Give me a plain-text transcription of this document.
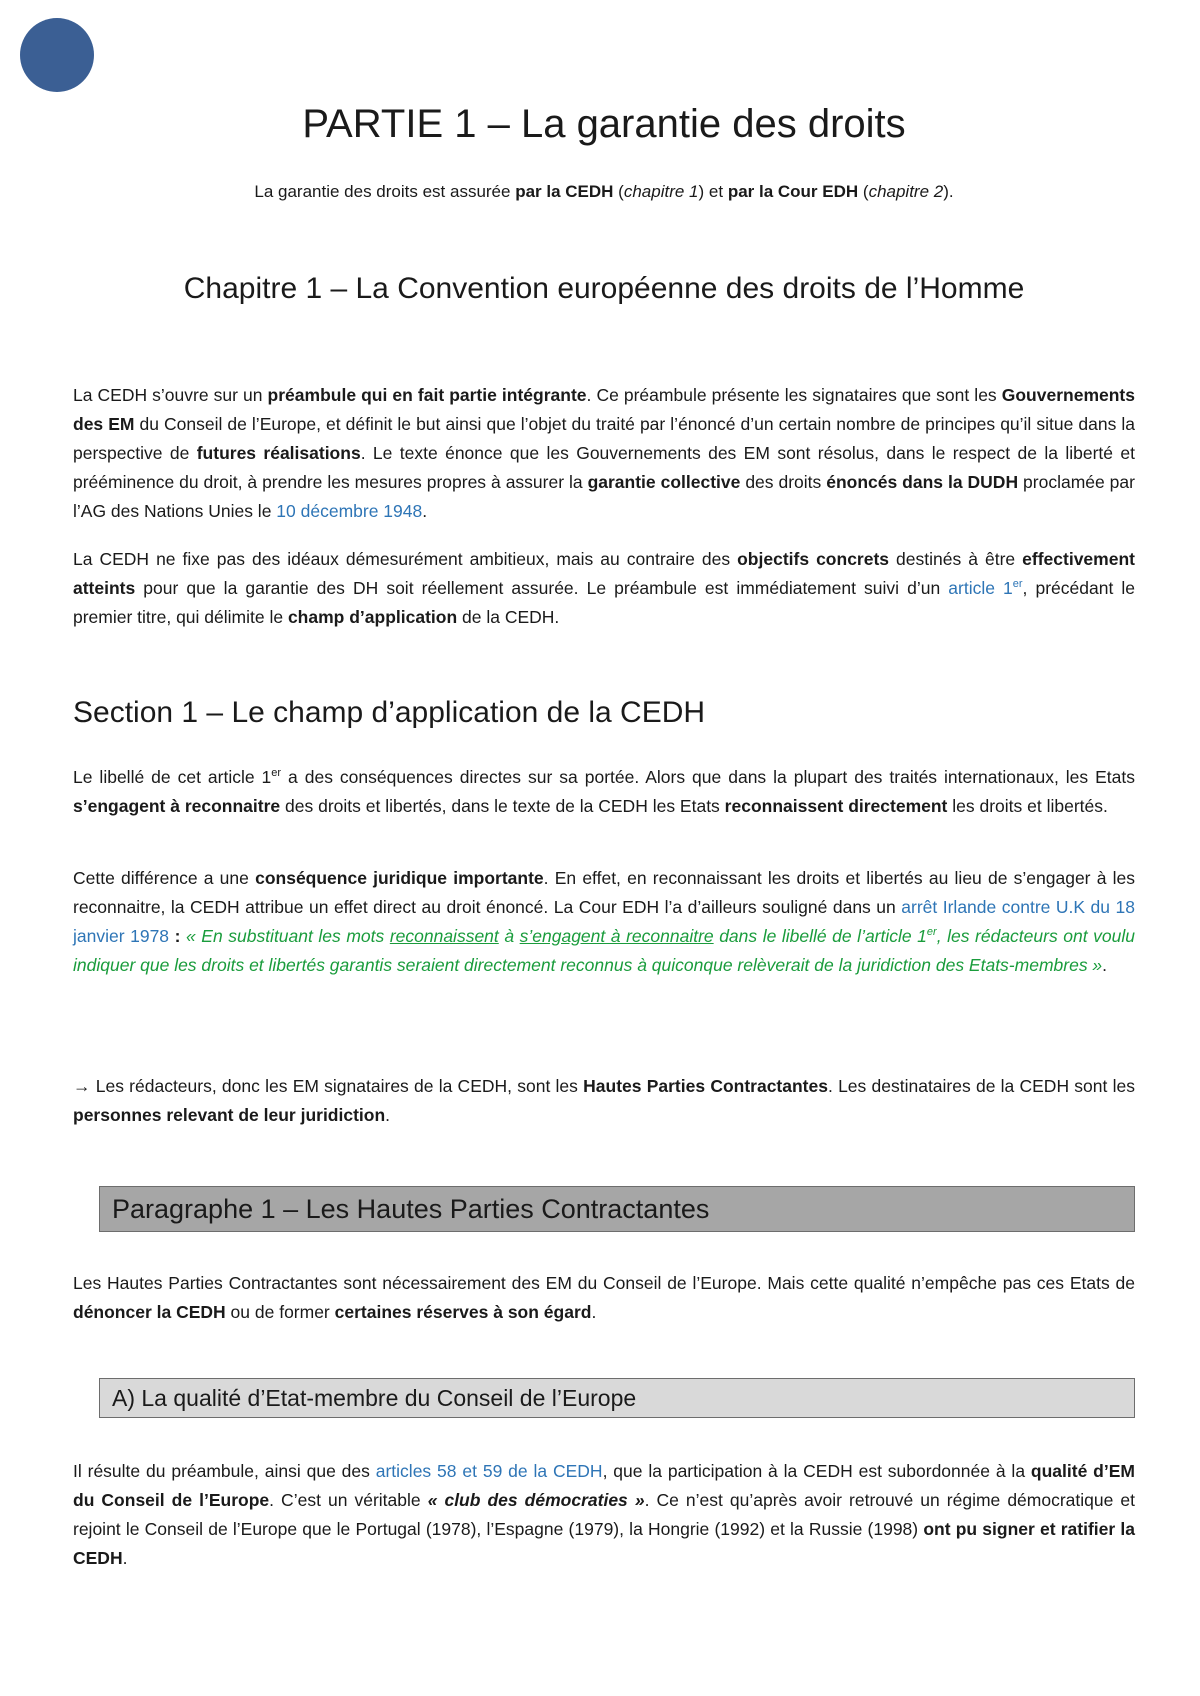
PARTIE 1 – La garantie des droits

La garantie des droits est assurée par la CEDH (chapitre 1) et par la Cour EDH (chapitre 2).

Chapitre 1 – La Convention européenne des droits de l’Homme

La CEDH s’ouvre sur un préambule qui en fait partie intégrante. Ce préambule présente les signataires que sont les Gouvernements des EM du Conseil de l’Europe, et définit le but ainsi que l’objet du traité par l’énoncé d’un certain nombre de principes qu’il situe dans la perspective de futures réalisations. Le texte énonce que les Gouvernements des EM sont résolus, dans le respect de la liberté et prééminence du droit, à prendre les mesures propres à assurer la garantie collective des droits énoncés dans la DUDH proclamée par l’AG des Nations Unies le 10 décembre 1948.

La CEDH ne fixe pas des idéaux démesurément ambitieux, mais au contraire des objectifs concrets destinés à être effectivement atteints pour que la garantie des DH soit réellement assurée. Le préambule est immédiatement suivi d’un article 1er, précédant le premier titre, qui délimite le champ d’application de la CEDH.

Section 1 – Le champ d’application de la CEDH

Le libellé de cet article 1er a des conséquences directes sur sa portée. Alors que dans la plupart des traités internationaux, les Etats s’engagent à reconnaitre des droits et libertés, dans le texte de la CEDH les Etats reconnaissent directement les droits et libertés.

Cette différence a une conséquence juridique importante. En effet, en reconnaissant les droits et libertés au lieu de s’engager à les reconnaitre, la CEDH attribue un effet direct au droit énoncé. La Cour EDH l’a d’ailleurs souligné dans un arrêt Irlande contre U.K du 18 janvier 1978 : « En substituant les mots reconnaissent à s’engagent à reconnaitre dans le libellé de l’article 1er, les rédacteurs ont voulu indiquer que les droits et libertés garantis seraient directement reconnus à quiconque relèverait de la juridiction des Etats-membres ».

→ Les rédacteurs, donc les EM signataires de la CEDH, sont les Hautes Parties Contractantes. Les destinataires de la CEDH sont les personnes relevant de leur juridiction.

Paragraphe 1 – Les Hautes Parties Contractantes

Les Hautes Parties Contractantes sont nécessairement des EM du Conseil de l’Europe. Mais cette qualité n’empêche pas ces Etats de dénoncer la CEDH ou de former certaines réserves à son égard.

A) La qualité d’Etat-membre du Conseil de l’Europe

Il résulte du préambule, ainsi que des articles 58 et 59 de la CEDH, que la participation à la CEDH est subordonnée à la qualité d’EM du Conseil de l’Europe. C’est un véritable « club des démocraties ». Ce n’est qu’après avoir retrouvé un régime démocratique et rejoint le Conseil de l’Europe que le Portugal (1978), l’Espagne (1979), la Hongrie (1992) et la Russie (1998) ont pu signer et ratifier la CEDH.
